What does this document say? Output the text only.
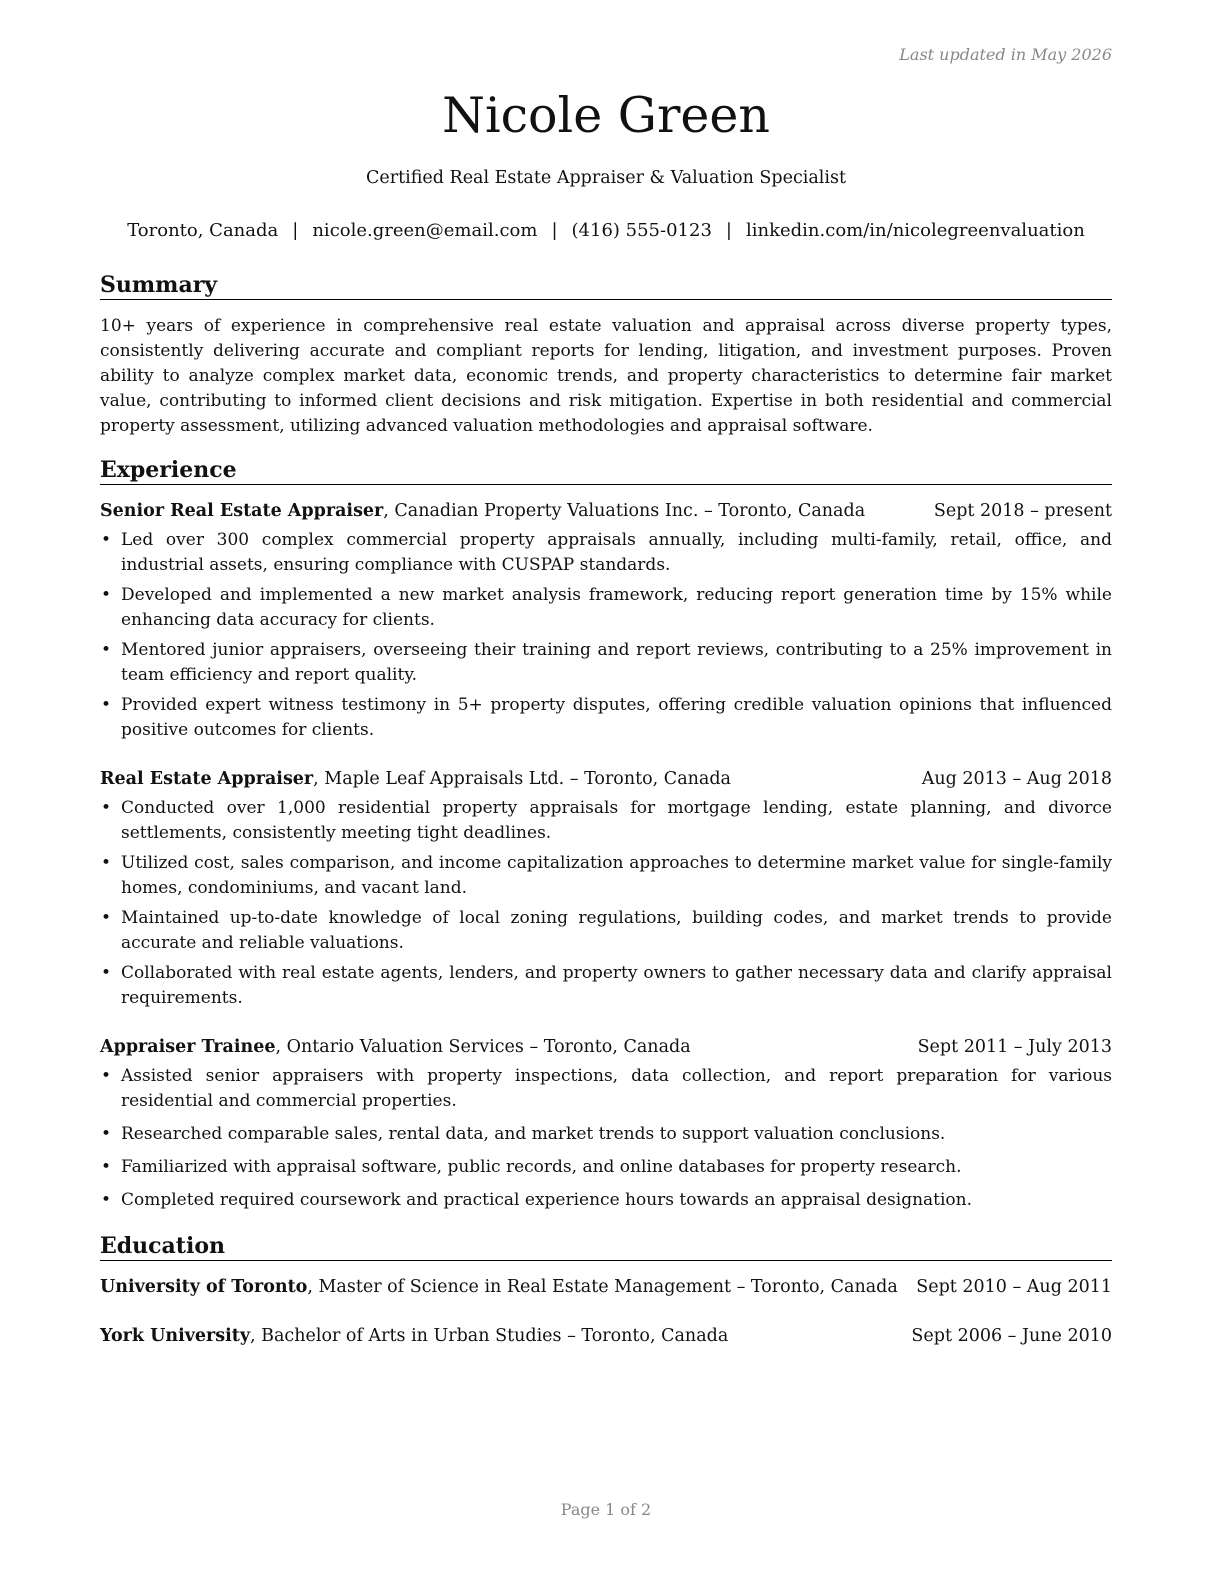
Last updated in May 2026
Nicole Green
Certified Real Estate Appraiser & Valuation Specialist
Toronto, Canada | nicole.green@email.com | (416) 555-0123 | linkedin.com/in/nicolegreenvaluation
Summary

10+ years of experience in comprehensive real estate valuation and appraisal across diverse property types, consistently delivering accurate and compliant reports for lending, litigation, and investment purposes. Proven ability to analyze complex market data, economic trends, and property characteristics to determine fair market value, contributing to informed client decisions and risk mitigation. Expertise in both residential and commercial property assessment, utilizing advanced valuation methodologies and appraisal software.

Experience
Senior Real Estate Appraiser, Canadian Property Valuations Inc. – Toronto, Canada	Sept 2018 – present
• Led over 300 complex commercial property appraisals annually, including multi-family, retail, office, and industrial assets, ensuring compliance with CUSPAP standards.
• Developed and implemented a new market analysis framework, reducing report generation time by 15% while enhancing data accuracy for clients.
• Mentored junior appraisers, overseeing their training and report reviews, contributing to a 25% improvement in team efficiency and report quality.
• Provided expert witness testimony in 5+ property disputes, offering credible valuation opinions that influenced positive outcomes for clients.
Real Estate Appraiser, Maple Leaf Appraisals Ltd. – Toronto, Canada	Aug 2013 – Aug 2018
• Conducted over 1,000 residential property appraisals for mortgage lending, estate planning, and divorce settlements, consistently meeting tight deadlines.
• Utilized cost, sales comparison, and income capitalization approaches to determine market value for single-family homes, condominiums, and vacant land.
• Maintained up-to-date knowledge of local zoning regulations, building codes, and market trends to provide accurate and reliable valuations.
• Collaborated with real estate agents, lenders, and property owners to gather necessary data and clarify appraisal requirements.
Appraiser Trainee, Ontario Valuation Services – Toronto, Canada	Sept 2011 – July 2013
• Assisted senior appraisers with property inspections, data collection, and report preparation for various residential and commercial properties.
• Researched comparable sales, rental data, and market trends to support valuation conclusions.
• Familiarized with appraisal software, public records, and online databases for property research.
• Completed required coursework and practical experience hours towards an appraisal designation.
Education
University of Toronto, Master of Science in Real Estate Management – Toronto, Canada Sept 2010 – Aug 2011
York University, Bachelor of Arts in Urban Studies – Toronto, Canada	Sept 2006 – June 2010
Page 1 of 2
